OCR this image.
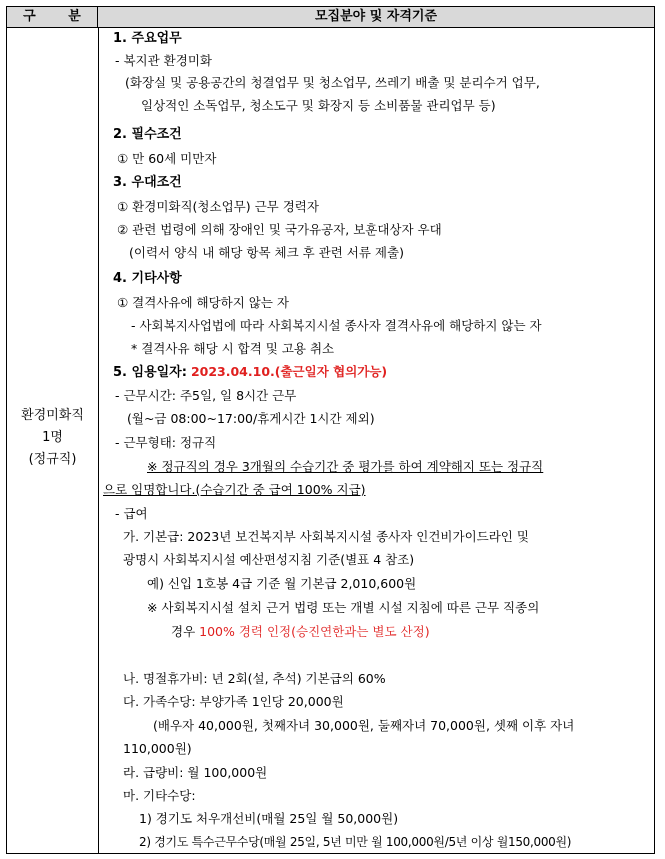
구 분	모집분야 및 자격기준
환경미화직
1명
(정규직)
1. 주요업무
- 복지관 환경미화
(화장실 및 공용공간의 청결업무 및 청소업무, 쓰레기 배출 및 분리수거 업무,
일상적인 소독업무, 청소도구 및 화장지 등 소비품물 관리업무 등)
2. 필수조건
① 만 60세 미만자
3. 우대조건
① 환경미화직(청소업무) 근무 경력자
② 관련 법령에 의해 장애인 및 국가유공자, 보훈대상자 우대
(이력서 양식 내 해당 항목 체크 후 관련 서류 제출)
4. 기타사항
① 결격사유에 해당하지 않는 자
- 사회복지사업법에 따라 사회복지시설 종사자 결격사유에 해당하지 않는 자
* 결격사유 해당 시 합격 및 고용 취소
5. 임용일자: 2023.04.10.(출근일자 협의가능)
- 근무시간: 주5일, 일 8시간 근무
(월~금 08:00~17:00/휴게시간 1시간 제외)
- 근무형태: 정규직
※ 정규직의 경우 3개월의 수습기간 중 평가를 하여 계약해지 또는 정규직
으로 임명합니다.(수습기간 중 급여 100% 지급)
- 급여
가. 기본급: 2023년 보건복지부 사회복지시설 종사자 인건비가이드라인 및
광명시 사회복지시설 예산편성지침 기준(별표 4 참조)
예) 신입 1호봉 4급 기준 월 기본급 2,010,600원
※ 사회복지시설 설치 근거 법령 또는 개별 시설 지침에 따른 근무 직종의
경우 100% 경력 인정(승진연한과는 별도 산정)
나. 명절휴가비: 년 2회(설, 추석) 기본급의 60%
다. 가족수당: 부양가족 1인당 20,000원
(배우자 40,000원, 첫째자녀 30,000원, 둘째자녀 70,000원, 셋째 이후 자녀
110,000원)
라. 급량비: 월 100,000원
마. 기타수당:
1) 경기도 처우개선비(매월 25일 월 50,000원)
2) 경기도 특수근무수당(매월 25일, 5년 미만 월 100,000원/5년 이상 월150,000원)
